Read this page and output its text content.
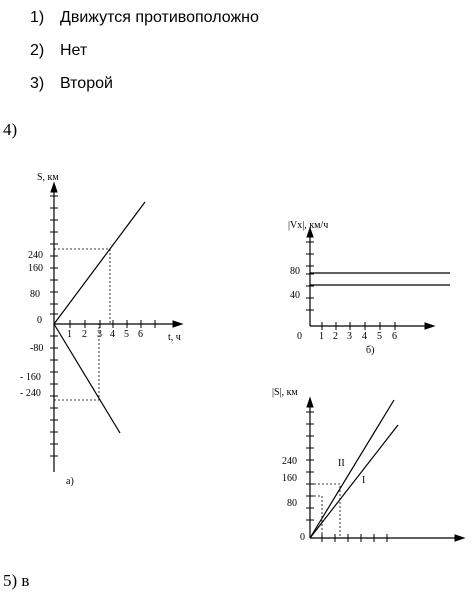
1) Движутся противоположно
2) Нет
3) Второй
4)
S, км
t, ч
а)
240
160
80
0
-80
- 160
- 240
1 2 3 4 5 6
|Vx|, км/ч
б)
80
40
0 1 2 3 4 5 6
|S|, км
240
160
80
0
II
I
5) в
